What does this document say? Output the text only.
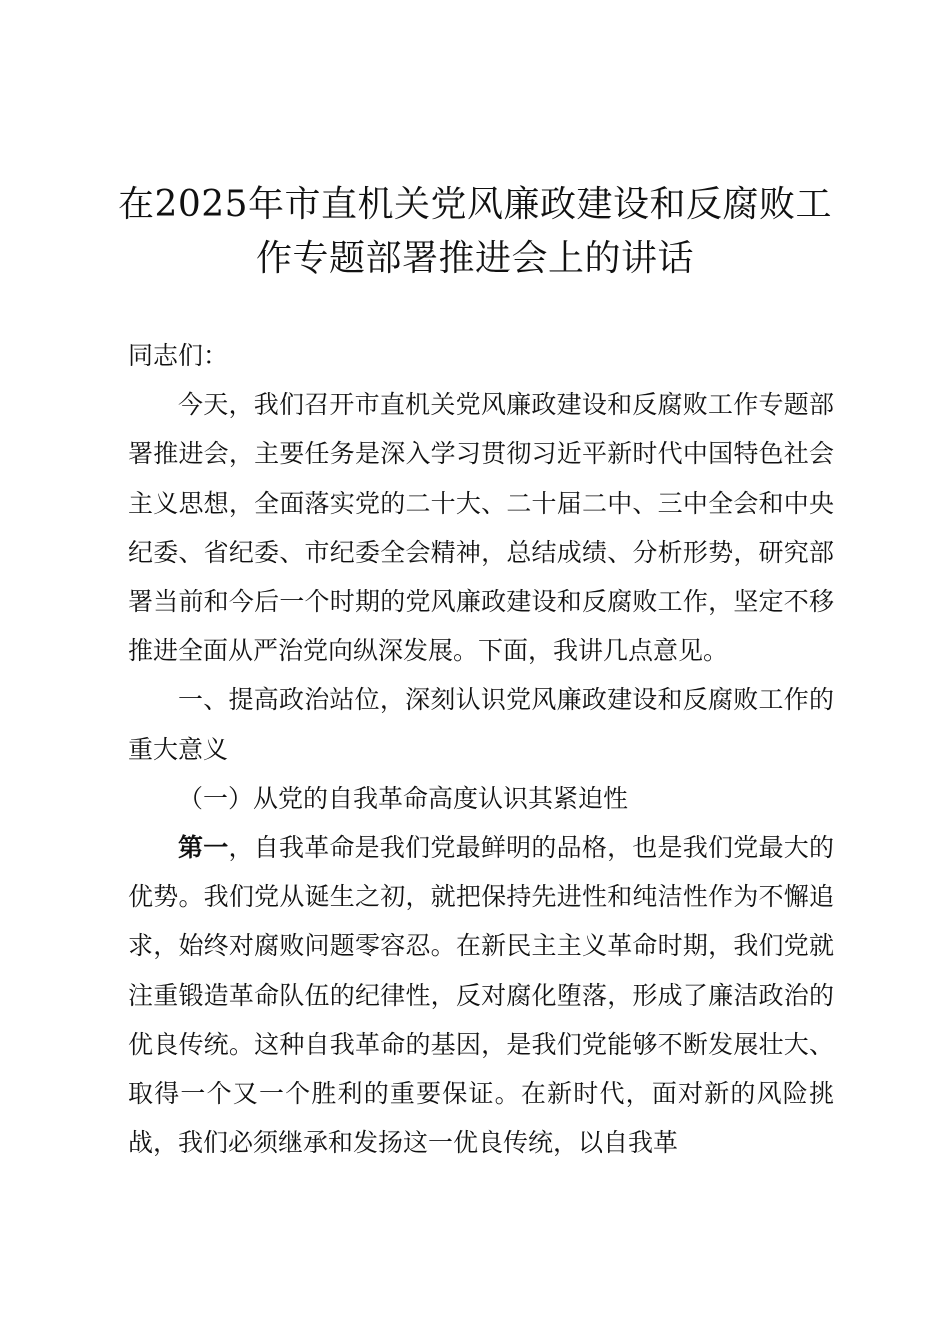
在2025年市直机关党风廉政建设和反腐败工作专题部署推进会上的讲话

同志们：

今天，我们召开市直机关党风廉政建设和反腐败工作专题部署推进会，主要任务是深入学习贯彻习近平新时代中国特色社会主义思想，全面落实党的二十大、二十届二中、三中全会和中央纪委、省纪委、市纪委全会精神，总结成绩、分析形势，研究部署当前和今后一个时期的党风廉政建设和反腐败工作，坚定不移推进全面从严治党向纵深发展。下面，我讲几点意见。

一、提高政治站位，深刻认识党风廉政建设和反腐败工作的重大意义

（一）从党的自我革命高度认识其紧迫性

第一，自我革命是我们党最鲜明的品格，也是我们党最大的优势。我们党从诞生之初，就把保持先进性和纯洁性作为不懈追求，始终对腐败问题零容忍。在新民主主义革命时期，我们党就注重锻造革命队伍的纪律性，反对腐化堕落，形成了廉洁政治的优良传统。这种自我革命的基因，是我们党能够不断发展壮大、取得一个又一个胜利的重要保证。在新时代，面对新的风险挑战，我们必须继承和发扬这一优良传统，以自我革
